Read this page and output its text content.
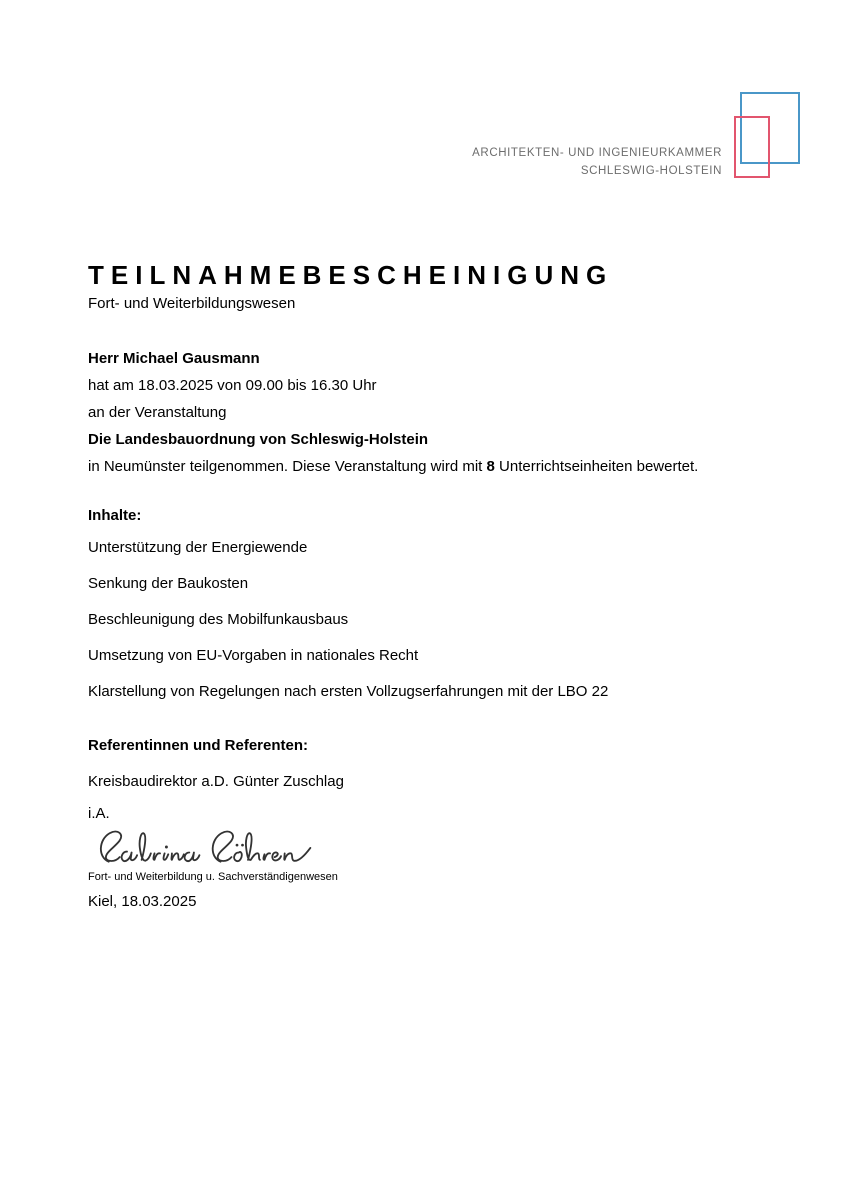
ARCHITEKTEN- UND INGENIEURKAMMER
SCHLESWIG-HOLSTEIN
TEILNAHMEBESCHEINIGUNG

Fort- und Weiterbildungswesen

Herr Michael Gausmann

hat am 18.03.2025 von 09.00 bis 16.30 Uhr

an der Veranstaltung

Die Landesbauordnung von Schleswig-Holstein

in Neumünster teilgenommen. Diese Veranstaltung wird mit 8 Unterrichtseinheiten bewertet.

Inhalte:

Unterstützung der Energiewende

Senkung der Baukosten

Beschleunigung des Mobilfunkausbaus

Umsetzung von EU-Vorgaben in nationales Recht

Klarstellung von Regelungen nach ersten Vollzugserfahrungen mit der LBO 22

Referentinnen und Referenten:

Kreisbaudirektor a.D. Günter Zuschlag

i.A.

Fort- und Weiterbildung u. Sachverständigenwesen

Kiel, 18.03.2025
